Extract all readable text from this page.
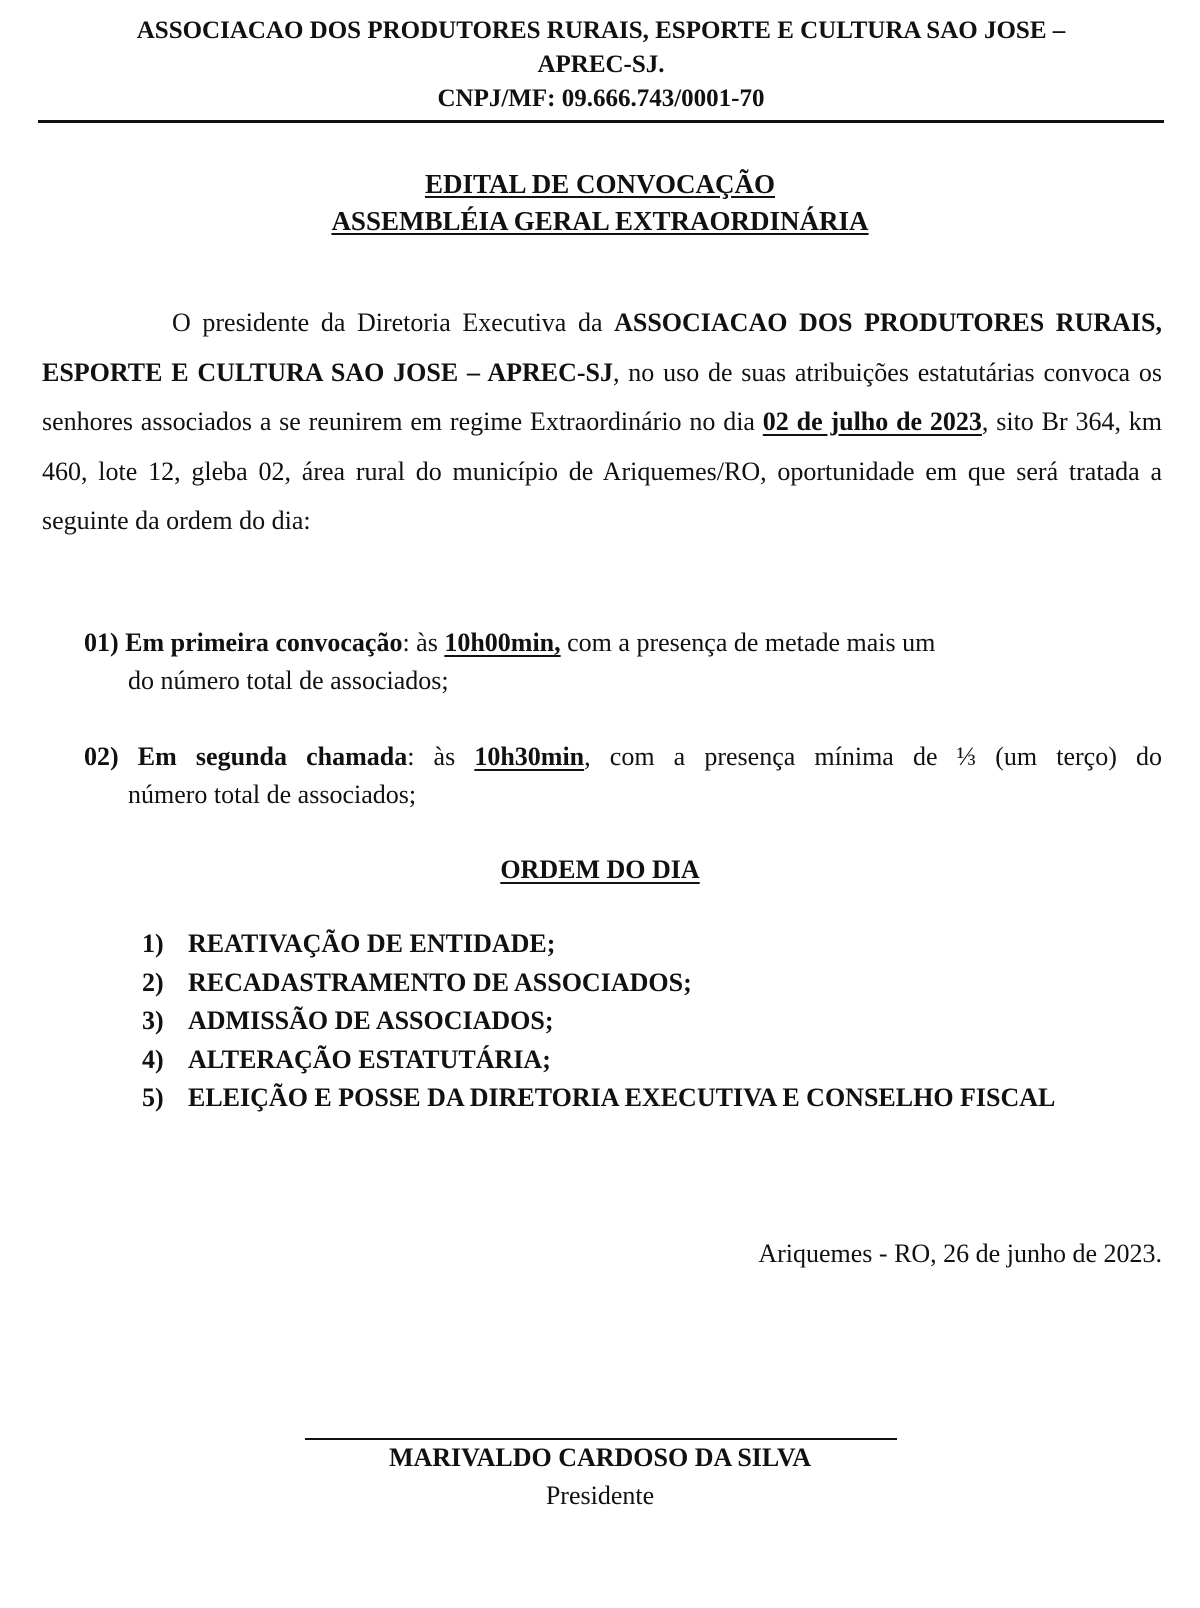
ASSOCIACAO DOS PRODUTORES RURAIS, ESPORTE E CULTURA SAO JOSE –
APREC-SJ.
CNPJ/MF: 09.666.743/0001-70
EDITAL DE CONVOCAÇÃO
ASSEMBLÉIA GERAL EXTRAORDINÁRIA

O presidente da Diretoria Executiva da ASSOCIACAO DOS PRODUTORES RURAIS, ESPORTE E CULTURA SAO JOSE – APREC-SJ, no uso de suas atribuições estatutárias convoca os senhores associados a se reunirem em regime Extraordinário no dia 02 de julho de 2023, sito Br 364, km 460, lote 12, gleba 02, área rural do município de Ariquemes/RO, oportunidade em que será tratada a seguinte da ordem do dia:

01) Em primeira convocação: às 10h00min, com a presença de metade mais um
do número total de associados;
02) Em segunda chamada: às 10h30min, com a presença mínima de ⅓ (um terço) do
número total de associados;
ORDEM DO DIA
1) REATIVAÇÃO DE ENTIDADE;
2) RECADASTRAMENTO DE ASSOCIADOS;
3) ADMISSÃO DE ASSOCIADOS;
4) ALTERAÇÃO ESTATUTÁRIA;
5) ELEIÇÃO E POSSE DA DIRETORIA EXECUTIVA E CONSELHO FISCAL
Ariquemes - RO, 26 de junho de 2023.
MARIVALDO CARDOSO DA SILVA
Presidente
